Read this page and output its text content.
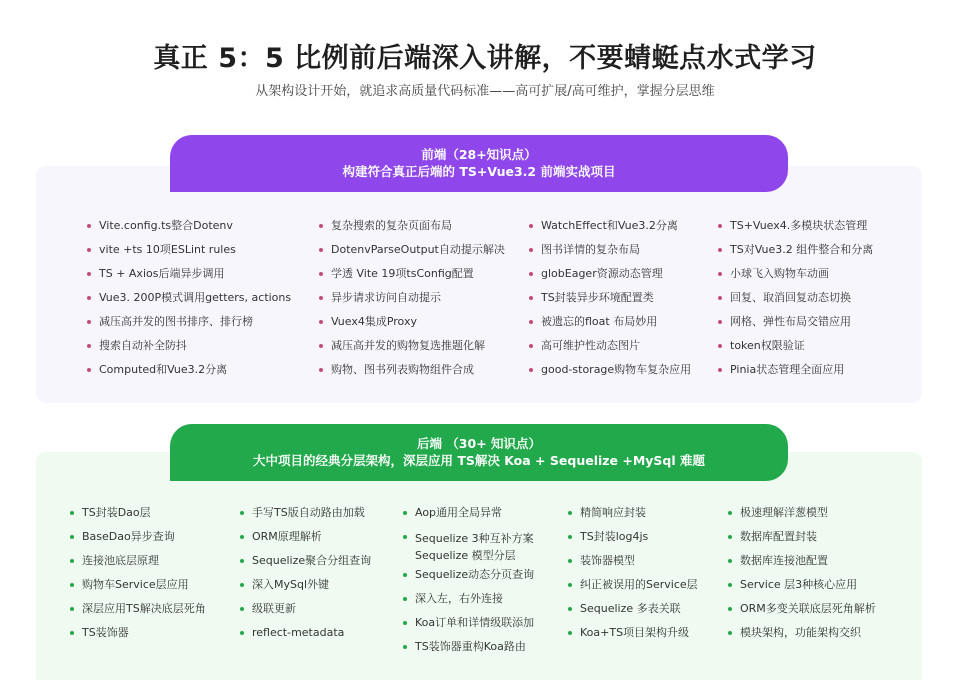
真正 5：5 比例前后端深入讲解，不要蜻蜓点水式学习
从架构设计开始，就追求高质量代码标准——高可扩展/高可维护，掌握分层思维
前端（28+知识点）
构建符合真正后端的 TS+Vue3.2 前端实战项目
Vite.config.ts整合Dotenv
vite +ts 10项ESLint rules
TS + Axios后端异步调用
Vue3. 200P模式调用getters, actions
减压高并发的图书排序、排行榜
搜索自动补全防抖
Computed和Vue3.2分离
复杂搜索的复杂页面布局
DotenvParseOutput自动提示解决
学透 Vite 19项tsConfig配置
异步请求访问自动提示
Vuex4集成Proxy
减压高并发的购物复选推题化解
购物、图书列表购物组件合成
WatchEffect和Vue3.2分离
图书详情的复杂布局
globEager资源动态管理
TS封装异步环境配置类
被遗忘的float 布局妙用
高可维护性动态图片
good-storage购物车复杂应用
TS+Vuex4.多模块状态管理
TS对Vue3.2 组件整合和分离
小球飞入购物车动画
回复、取消回复动态切换
网格、弹性布局交错应用
token权限验证
Pinia状态管理全面应用
后端 （30+ 知识点）
大中项目的经典分层架构，深层应用 TS解决 Koa + Sequelize +MySql 难题
TS封装Dao层
BaseDao异步查询
连接池底层原理
购物车Service层应用
深层应用TS解决底层死角
TS装饰器
手写TS版自动路由加载
ORM原理解析
Sequelize聚合分组查询
深入MySql外键
级联更新
reflect-metadata
Aop通用全局异常
Sequelize 3种互补方案 Sequelize 模型分层
Sequelize动态分页查询
深入左，右外连接
Koa订单和详情级联添加
TS装饰器重构Koa路由
精简响应封装
TS封装log4js
装饰器模型
纠正被误用的Service层
Sequelize 多表关联
Koa+TS项目架构升级
极速理解洋葱模型
数据库配置封装
数据库连接池配置
Service 层3种核心应用
ORM多变关联底层死角解析
模块架构，功能架构交织
